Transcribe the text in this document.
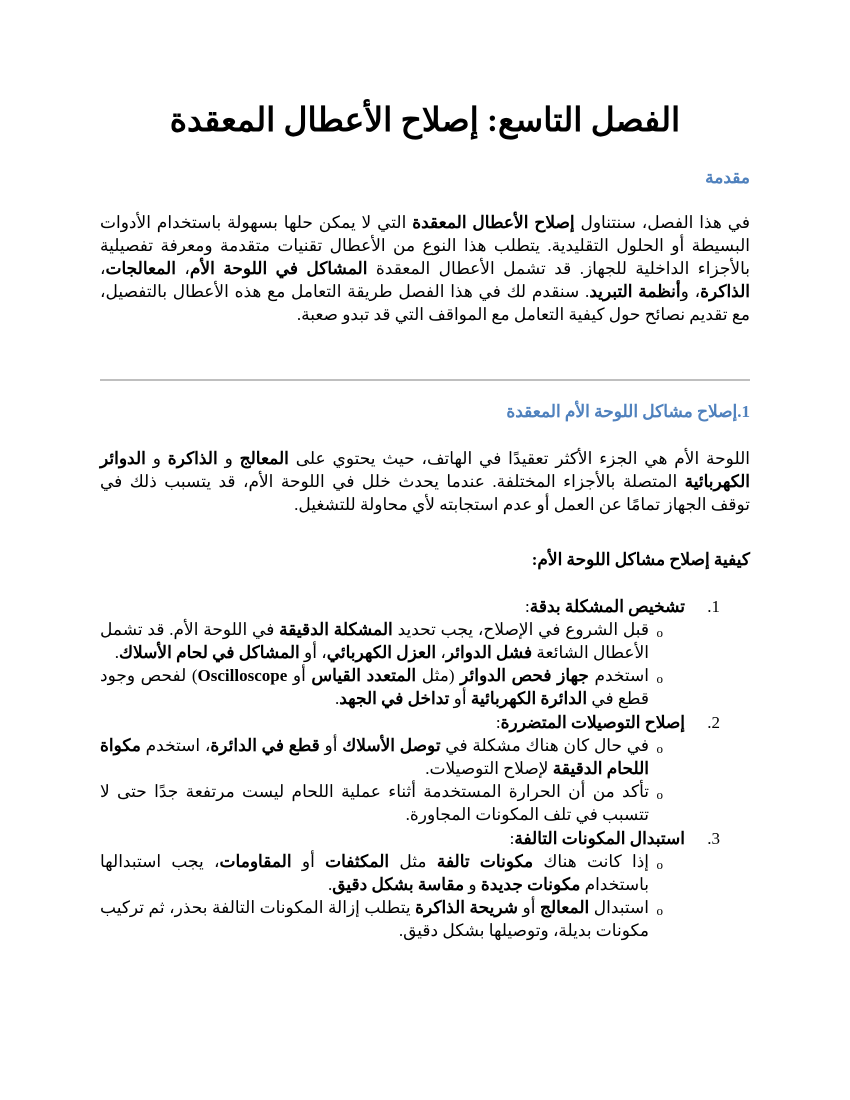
الفصل التاسع: إصلاح الأعطال المعقدة
مقدمة

في هذا الفصل، سنتناول إصلاح الأعطال المعقدة التي لا يمكن حلها بسهولة باستخدام الأدوات البسيطة أو الحلول التقليدية. يتطلب هذا النوع من الأعطال تقنيات متقدمة ومعرفة تفصيلية بالأجزاء الداخلية للجهاز. قد تشمل الأعطال المعقدة المشاكل في اللوحة الأم، المعالجات، الذاكرة، وأنظمة التبريد. سنقدم لك في هذا الفصل طريقة التعامل مع هذه الأعطال بالتفصيل، مع تقديم نصائح حول كيفية التعامل مع المواقف التي قد تبدو صعبة.

1.إصلاح مشاكل اللوحة الأم المعقدة

اللوحة الأم هي الجزء الأكثر تعقيدًا في الهاتف، حيث يحتوي على المعالج و الذاكرة و الدوائر الكهربائية المتصلة بالأجزاء المختلفة. عندما يحدث خلل في اللوحة الأم، قد يتسبب ذلك في توقف الجهاز تمامًا عن العمل أو عدم استجابته لأي محاولة للتشغيل.

كيفية إصلاح مشاكل اللوحة الأم:
1.
تشخيص المشكلة بدقة:
o
قبل الشروع في الإصلاح، يجب تحديد المشكلة الدقيقة في اللوحة الأم. قد تشمل الأعطال الشائعة فشل الدوائر، العزل الكهربائي، أو المشاكل في لحام الأسلاك.
o
استخدم جهاز فحص الدوائر (مثل المتعدد القياس أو Oscilloscope) لفحص وجود قطع في الدائرة الكهربائية أو تداخل في الجهد.
2.
إصلاح التوصيلات المتضررة:
o
في حال كان هناك مشكلة في توصل الأسلاك أو قطع في الدائرة، استخدم مكواة اللحام الدقيقة لإصلاح التوصيلات.
o
تأكد من أن الحرارة المستخدمة أثناء عملية اللحام ليست مرتفعة جدًا حتى لا تتسبب في تلف المكونات المجاورة.
3.
استبدال المكونات التالفة:
o
إذا كانت هناك مكونات تالفة مثل المكثفات أو المقاومات، يجب استبدالها باستخدام مكونات جديدة و مقاسة بشكل دقيق.
o
استبدال المعالج أو شريحة الذاكرة يتطلب إزالة المكونات التالفة بحذر، ثم تركيب مكونات بديلة، وتوصيلها بشكل دقيق.
